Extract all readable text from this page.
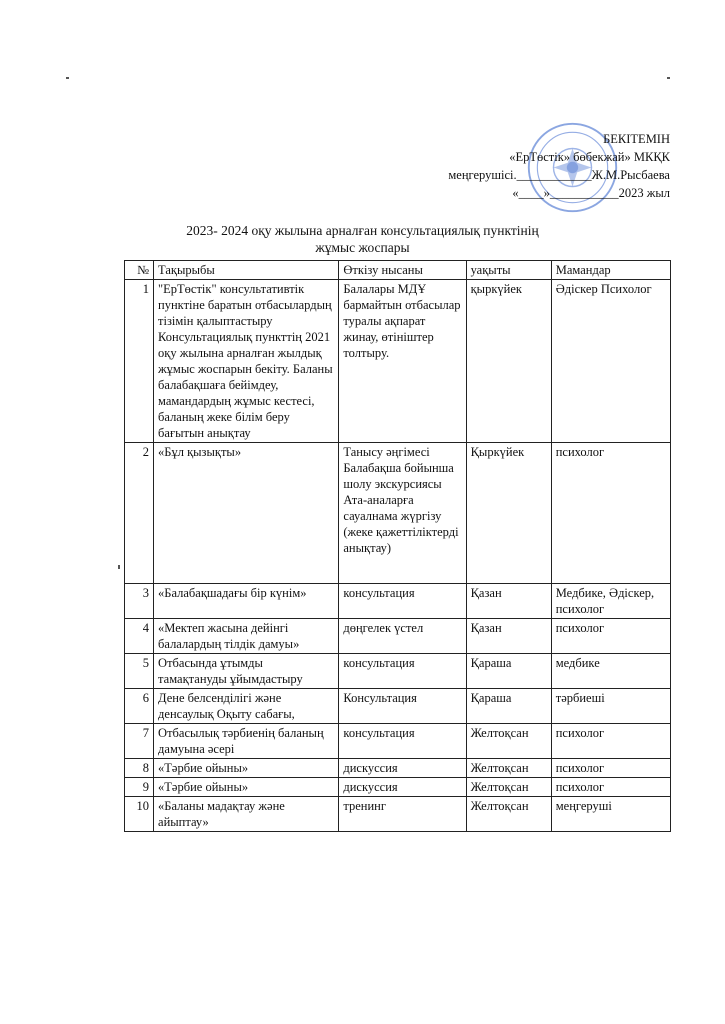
БЕКІТЕМІН
«ЕрТөстік» бөбекжай» МКҚК
меңгерушісі.____________Ж.М.Рысбаева
«____»___________2023 жыл
2023- 2024 оқу жылына арналған консультациялық пунктінің
жұмыс жоспары
№	Тақырыбы	Өткізу нысаны	уақыты	Мамандар
1	"ЕрТөстік" консультативтік пунктіне баратын отбасылардың тізімін қалыптастыру Консультациялық пункттің 2021 оқу жылына арналған жылдық жұмыс жоспарын бекіту. Баланы балабақшаға бейімдеу, мамандардың жұмыс кестесі, баланың жеке білім беру бағытын анықтау	Балалары МДҰ бармайтын отбасылар туралы ақпарат жинау, өтініштер толтыру.	қыркүйек	Әдіскер Психолог
2	«Бұл қызықты»	Танысу әңгімесі Балабақша бойынша шолу экскурсиясы Ата-аналарға сауалнама жүргізу (жеке қажеттіліктерді анықтау)	Қыркүйек	психолог
3	«Балабақшадағы бір күнім»	консультация	Қазан	Медбике, Әдіскер, психолог
4	«Мектеп жасына дейінгі балалардың тілдік дамуы»	дөңгелек үстел	Қазан	психолог
5	Отбасында ұтымды тамақтануды ұйымдастыру	консультация	Қараша	медбике
6	Дене белсенділігі және денсаулық Оқыту сабағы,	Консультация	Қараша	тәрбиеші
7	Отбасылық тәрбиенің баланың дамуына әсері	консультация	Желтоқсан	психолог
8	«Тәрбие ойыны»	дискуссия	Желтоқсан	психолог
9	«Тәрбие ойыны»	дискуссия	Желтоқсан	психолог
10	«Баланы мадақтау және айыптау»	тренинг	Желтоқсан	меңгеруші
